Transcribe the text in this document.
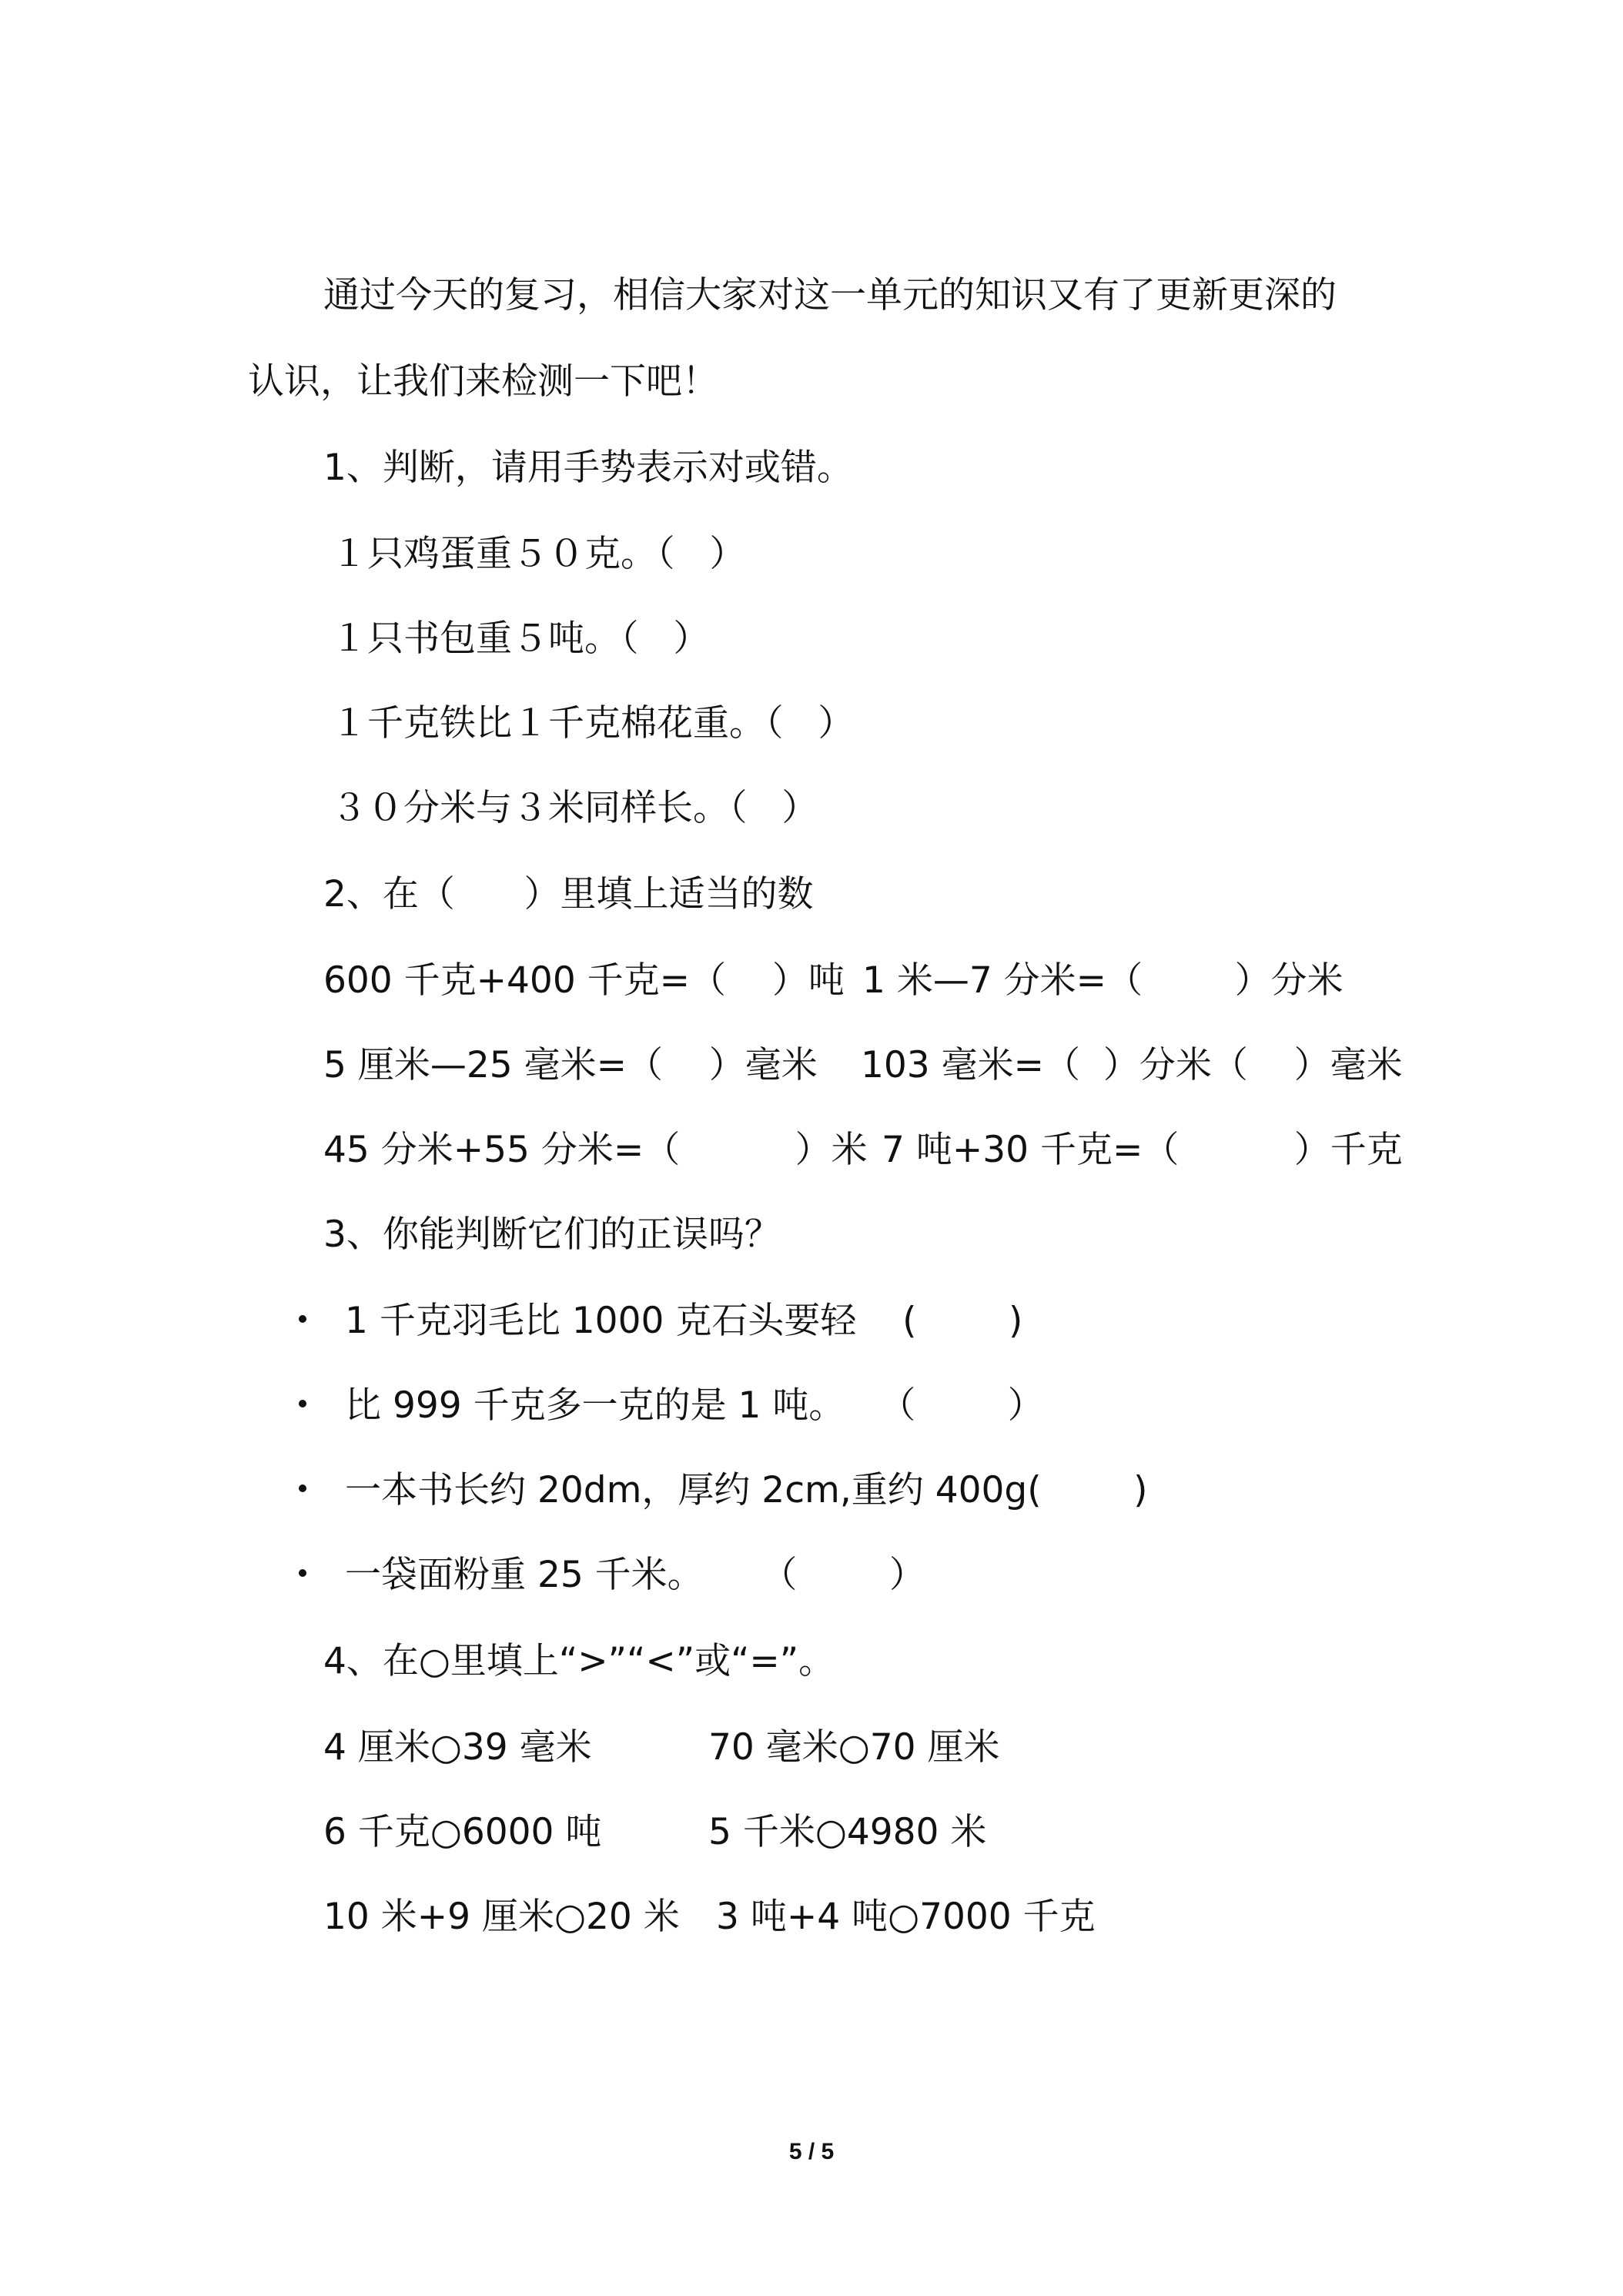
通过今天的复习，相信大家对这一单元的知识又有了更新更深的
认识，让我们来检测一下吧！
1、判断，请用手势表示对或错。
１只鸡蛋重５０克。（   ）
１只书包重５吨。（   ）
１千克铁比１千克棉花重。（   ）
３０分米与３米同样长。（   ）
2、在（      ）里填上适当的数
600 千克+400 千克=（    ）吨 1 米—7 分米=（        ）分米
5 厘米—25 毫米=（    ）毫米 103 毫米=（  ）分米（    ）毫米
45 分米+55 分米=（          ）米 7 吨+30 千克=（          ）千克
3、你能判断它们的正误吗？
1 千克羽毛比 1000 克石头要轻    (        )
比 999 千克多一克的是 1 吨。   （        ）
一本书长约 20dm，厚约 2cm,重约 400g(        )
一袋面粉重 25 千米。     （        ）
4、在○里填上“>”“<”或“=”。
4 厘米○39 毫米	70 毫米○70 厘米
6 千克○6000 吨	5 千米○4980 米
10 米+9 厘米○20 米 3 吨+4 吨○7000 千克
5 / 5
